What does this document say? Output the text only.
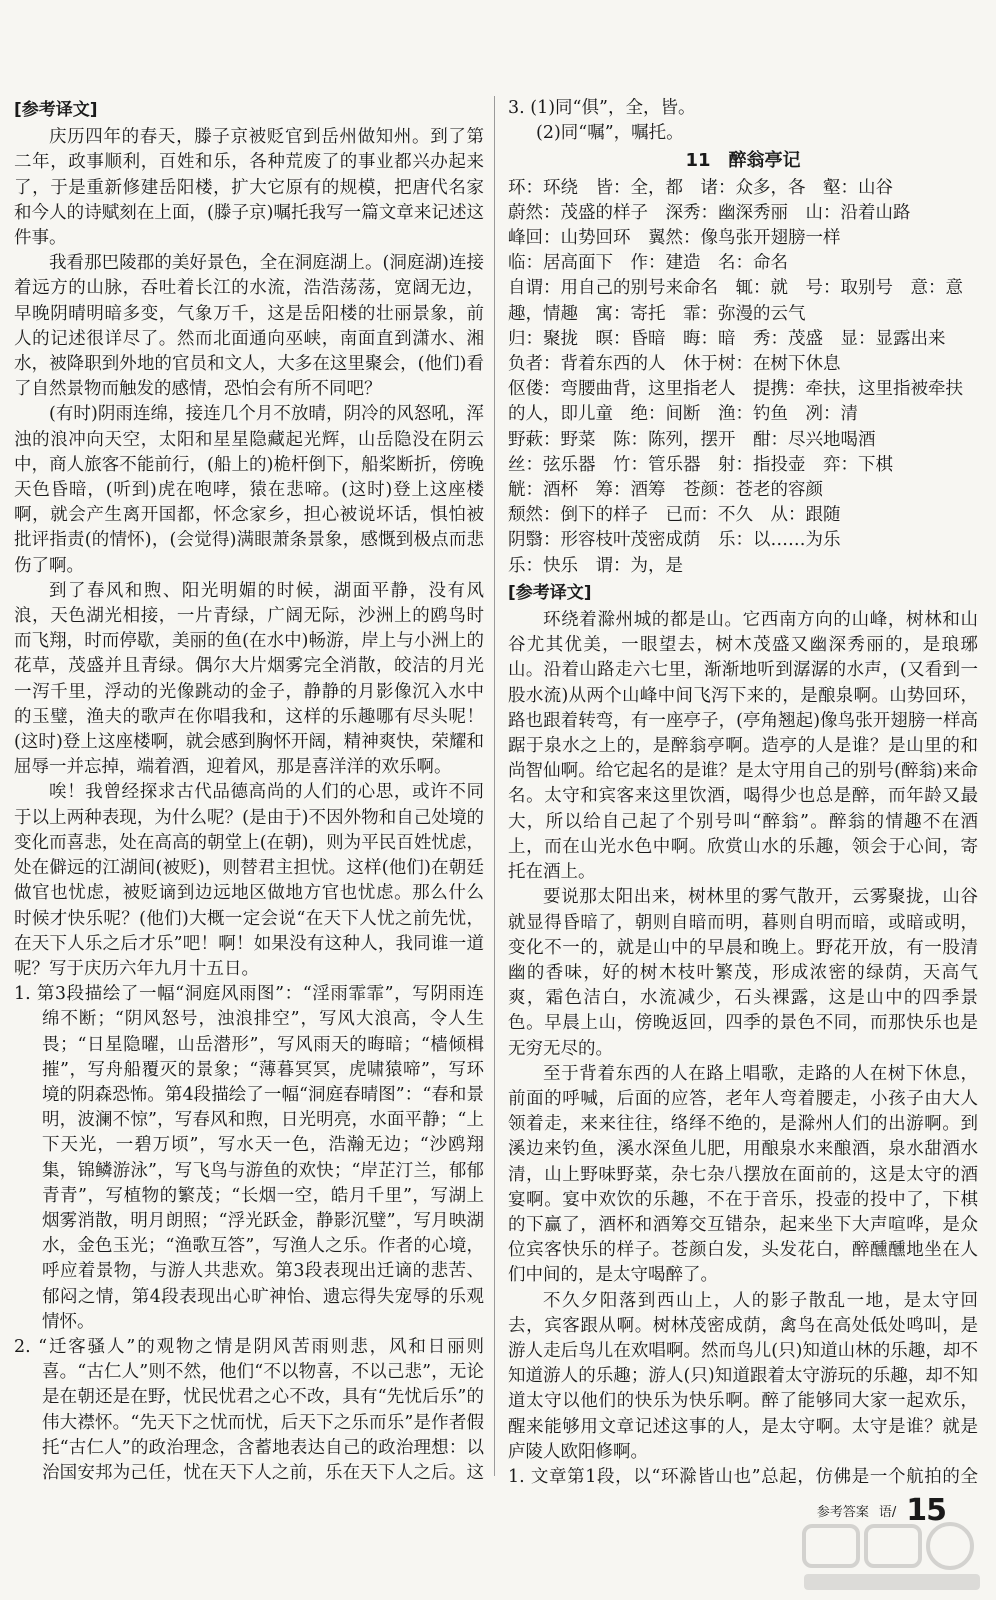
[参考译文]

庆历四年的春天，滕子京被贬官到岳州做知州。到了第二年，政事顺利，百姓和乐，各种荒废了的事业都兴办起来了，于是重新修建岳阳楼，扩大它原有的规模，把唐代名家和今人的诗赋刻在上面，(滕子京)嘱托我写一篇文章来记述这件事。

我看那巴陵郡的美好景色，全在洞庭湖上。(洞庭湖)连接着远方的山脉，吞吐着长江的水流，浩浩荡荡，宽阔无边，早晚阴晴明暗多变，气象万千，这是岳阳楼的壮丽景象，前人的记述很详尽了。然而北面通向巫峡，南面直到潇水、湘水，被降职到外地的官员和文人，大多在这里聚会，(他们)看了自然景物而触发的感情，恐怕会有所不同吧？

(有时)阴雨连绵，接连几个月不放晴，阴冷的风怒吼，浑浊的浪冲向天空，太阳和星星隐藏起光辉，山岳隐没在阴云中，商人旅客不能前行，(船上的)桅杆倒下，船桨断折，傍晚天色昏暗，(听到)虎在咆哮，猿在悲啼。(这时)登上这座楼啊，就会产生离开国都，怀念家乡，担心被说坏话，惧怕被批评指责(的情怀)，(会觉得)满眼萧条景象，感慨到极点而悲伤了啊。

到了春风和煦、阳光明媚的时候，湖面平静，没有风浪，天色湖光相接，一片青绿，广阔无际，沙洲上的鸥鸟时而飞翔，时而停歇，美丽的鱼(在水中)畅游，岸上与小洲上的花草，茂盛并且青绿。偶尔大片烟雾完全消散，皎洁的月光一泻千里，浮动的光像跳动的金子，静静的月影像沉入水中的玉璧，渔夫的歌声在你唱我和，这样的乐趣哪有尽头呢！(这时)登上这座楼啊，就会感到胸怀开阔，精神爽快，荣耀和屈辱一并忘掉，端着酒，迎着风，那是喜洋洋的欢乐啊。

唉！我曾经探求古代品德高尚的人们的心思，或许不同于以上两种表现，为什么呢？(是由于)不因外物和自己处境的变化而喜悲，处在高高的朝堂上(在朝)，则为平民百姓忧虑，处在僻远的江湖间(被贬)，则替君主担忧。这样(他们)在朝廷做官也忧虑，被贬谪到边远地区做地方官也忧虑。那么什么时候才快乐呢？(他们)大概一定会说“在天下人忧之前先忧，在天下人乐之后才乐”吧！啊！如果没有这种人，我同谁一道呢？写于庆历六年九月十五日。

1. 第3段描绘了一幅“洞庭风雨图”：“淫雨霏霏”，写阴雨连绵不断；“阴风怒号，浊浪排空”，写风大浪高，令人生畏；“日星隐曜，山岳潜形”，写风雨天的晦暗；“樯倾楫摧”，写舟船覆灭的景象；“薄暮冥冥，虎啸猿啼”，写环境的阴森恐怖。第4段描绘了一幅“洞庭春晴图”：“春和景明，波澜不惊”，写春风和煦，日光明亮，水面平静；“上下天光，一碧万顷”，写水天一色，浩瀚无边；“沙鸥翔集，锦鳞游泳”，写飞鸟与游鱼的欢快；“岸芷汀兰，郁郁青青”，写植物的繁茂；“长烟一空，皓月千里”，写湖上烟雾消散，明月朗照；“浮光跃金，静影沉璧”，写月映湖水，金色玉光；“渔歌互答”，写渔人之乐。作者的心境，呼应着景物，与游人共悲欢。第3段表现出迁谪的悲苦、郁闷之情，第4段表现出心旷神怡、遗忘得失宠辱的乐观情怀。

2. “迁客骚人”的观物之情是阴风苦雨则悲，风和日丽则喜。“古仁人”则不然，他们“不以物喜，不以己悲”，无论是在朝还是在野，忧民忧君之心不改，具有“先忧后乐”的伟大襟怀。“先天下之忧而忧，后天下之乐而乐”是作者假托“古仁人”的政治理念，含蓄地表达自己的政治理想：以治国安邦为己任，忧在天下人之前，乐在天下人之后。这

3. (1)同“俱”，全，皆。

(2)同“嘱”，嘱托。

11　醉翁亭记

环：环绕　皆：全，都　诸：众多，各　壑：山谷

蔚然：茂盛的样子　深秀：幽深秀丽　山：沿着山路

峰回：山势回环　翼然：像鸟张开翅膀一样

临：居高面下　作：建造　名：命名

自谓：用自己的别号来命名　辄：就　号：取别号　意：意趣，情趣　寓：寄托　霏：弥漫的云气

归：聚拢　暝：昏暗　晦：暗　秀：茂盛　显：显露出来　负者：背着东西的人　休于树：在树下休息

伛偻：弯腰曲背，这里指老人　提携：牵扶，这里指被牵扶的人，即儿童　绝：间断　渔：钓鱼　冽：清

野蔌：野菜　陈：陈列，摆开　酣：尽兴地喝酒

丝：弦乐器　竹：管乐器　射：指投壶　弈：下棋

觥：酒杯　筹：酒筹　苍颜：苍老的容颜

颓然：倒下的样子　已而：不久　从：跟随

阴翳：形容枝叶茂密成荫　乐：以……为乐

乐：快乐　谓：为，是

[参考译文]

环绕着滁州城的都是山。它西南方向的山峰，树林和山谷尤其优美，一眼望去，树木茂盛又幽深秀丽的，是琅琊山。沿着山路走六七里，渐渐地听到潺潺的水声，(又看到一股水流)从两个山峰中间飞泻下来的，是酿泉啊。山势回环，路也跟着转弯，有一座亭子，(亭角翘起)像鸟张开翅膀一样高踞于泉水之上的，是醉翁亭啊。造亭的人是谁？是山里的和尚智仙啊。给它起名的是谁？是太守用自己的别号(醉翁)来命名。太守和宾客来这里饮酒，喝得少也总是醉，而年龄又最大，所以给自己起了个别号叫“醉翁”。醉翁的情趣不在酒上，而在山光水色中啊。欣赏山水的乐趣，领会于心间，寄托在酒上。

要说那太阳出来，树林里的雾气散开，云雾聚拢，山谷就显得昏暗了，朝则自暗而明，暮则自明而暗，或暗或明，变化不一的，就是山中的早晨和晚上。野花开放，有一股清幽的香味，好的树木枝叶繁茂，形成浓密的绿荫，天高气爽，霜色洁白，水流减少，石头裸露，这是山中的四季景色。早晨上山，傍晚返回，四季的景色不同，而那快乐也是无穷无尽的。

至于背着东西的人在路上唱歌，走路的人在树下休息，前面的呼喊，后面的应答，老年人弯着腰走，小孩子由大人领着走，来来往往，络绎不绝的，是滁州人们的出游啊。到溪边来钓鱼，溪水深鱼儿肥，用酿泉水来酿酒，泉水甜酒水清，山上野味野菜，杂七杂八摆放在面前的，这是太守的酒宴啊。宴中欢饮的乐趣，不在于音乐，投壶的投中了，下棋的下赢了，酒杯和酒筹交互错杂，起来坐下大声喧哗，是众位宾客快乐的样子。苍颜白发，头发花白，醉醺醺地坐在人们中间的，是太守喝醉了。

不久夕阳落到西山上，人的影子散乱一地，是太守回去，宾客跟从啊。树林茂密成荫，禽鸟在高处低处鸣叫，是游人走后鸟儿在欢唱啊。然而鸟儿(只)知道山林的乐趣，却不知道游人的乐趣；游人(只)知道跟着太守游玩的乐趣，却不知道太守以他们的快乐为快乐啊。醉了能够同大家一起欢乐，醒来能够用文章记述这事的人，是太守啊。太守是谁？就是庐陵人欧阳修啊。

1. 文章第1段，以“环滁皆山也”总起，仿佛是一个航拍的全

参考答案 语/ 15
